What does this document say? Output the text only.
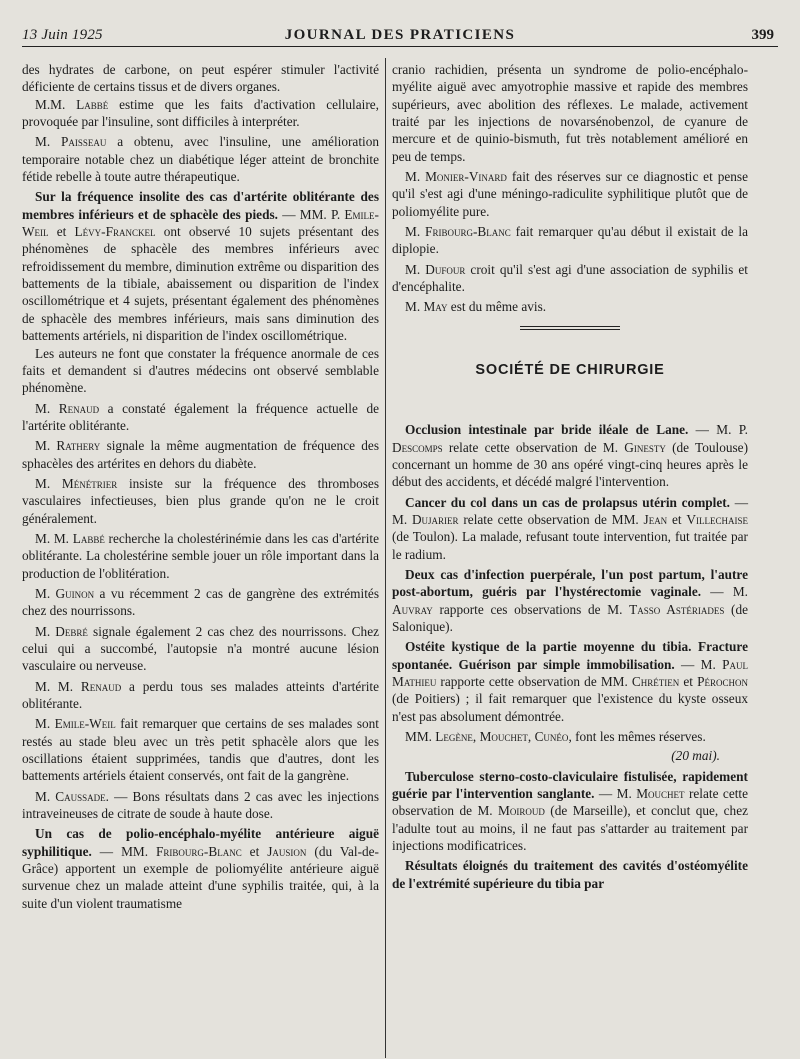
13 Juin 1925	JOURNAL DES PRATICIENS	399

des hydrates de carbone, on peut espérer stimuler l'activité déficiente de certains tissus et de divers organes.

M.M. Labbé estime que les faits d'activation cellulaire, provoquée par l'insuline, sont difficiles à interpréter.

M. Paisseau a obtenu, avec l'insuline, une amélioration temporaire notable chez un diabétique léger atteint de bronchite fétide rebelle à toute autre thérapeutique.

Sur la fréquence insolite des cas d'artérite oblitérante des membres inférieurs et de sphacèle des pieds. — MM. P. Emile-Weil et Lévy-Franckel ont observé 10 sujets présentant des phénomènes de sphacèle des membres inférieurs avec refroidissement du membre, diminution extrême ou disparition des battements de la tibiale, abaissement ou disparition de l'index oscillométrique et 4 sujets, présentant également des phénomènes de sphacèle des membres inférieurs, mais sans diminution des battements artériels, ni disparition de l'index oscillométrique.

Les auteurs ne font que constater la fréquence anormale de ces faits et demandent si d'autres médecins ont observé semblable phénomène.

M. Renaud a constaté également la fréquence actuelle de l'artérite oblitérante.

M. Rathery signale la même augmentation de fréquence des sphacèles des artérites en dehors du diabète.

M. Ménétrier insiste sur la fréquence des thromboses vasculaires infectieuses, bien plus grande qu'on ne le croit généralement.

M. M. Labbé recherche la cholestérinémie dans les cas d'artérite oblitérante. La cholestérine semble jouer un rôle important dans la production de l'oblitération.

M. Guinon a vu récemment 2 cas de gangrène des extrémités chez des nourrissons.

M. Debré signale également 2 cas chez des nourrissons. Chez celui qui a succombé, l'autopsie n'a montré aucune lésion vasculaire ou nerveuse.

M. M. Renaud a perdu tous ses malades atteints d'artérite oblitérante.

M. Emile-Weil fait remarquer que certains de ses malades sont restés au stade bleu avec un très petit sphacèle alors que les oscillations étaient supprimées, tandis que d'autres, dont les battements artériels étaient conservés, ont fait de la gangrène.

M. Caussade. — Bons résultats dans 2 cas avec les injections intraveineuses de citrate de soude à haute dose.

Un cas de polio-encéphalo-myélite antérieure aiguë syphilitique. — MM. Fribourg-Blanc et Jausion (du Val-de-Grâce) apportent un exemple de poliomyélite antérieure aiguë survenue chez un malade atteint d'une syphilis traitée, qui, à la suite d'un violent traumatisme

cranio rachidien, présenta un syndrome de polio-encéphalo-myélite aiguë avec amyotrophie massive et rapide des membres supérieurs, avec abolition des réflexes. Le malade, activement traité par les injections de novarsénobenzol, de cyanure de mercure et de quinio-bismuth, fut très notablement amélioré en peu de temps.

M. Monier-Vinard fait des réserves sur ce diagnostic et pense qu'il s'est agi d'une méningo-radiculite syphilitique plutôt que de poliomyélite pure.

M. Fribourg-Blanc fait remarquer qu'au début il existait de la diplopie.

M. Dufour croit qu'il s'est agi d'une association de syphilis et d'encéphalite.

M. May est du même avis.

SOCIÉTÉ DE CHIRURGIE

Occlusion intestinale par bride iléale de Lane. — M. P. Descomps relate cette observation de M. Ginesty (de Toulouse) concernant un homme de 30 ans opéré vingt-cinq heures après le début des accidents, et décédé malgré l'intervention.

Cancer du col dans un cas de prolapsus utérin complet. — M. Dujarier relate cette observation de MM. Jean et Villechaise (de Toulon). La malade, refusant toute intervention, fut traitée par le radium.

Deux cas d'infection puerpérale, l'un post partum, l'autre post-abortum, guéris par l'hystérectomie vaginale. — M. Auvray rapporte ces observations de M. Tasso Astériades (de Salonique).

Ostéite kystique de la partie moyenne du tibia. Fracture spontanée. Guérison par simple immobilisation. — M. Paul Mathieu rapporte cette observation de MM. Chrétien et Pérochon (de Poitiers) ; il fait remarquer que l'existence du kyste osseux n'est pas absolument démontrée.

MM. Legène, Mouchet, Cunéo, font les mêmes réserves.

(20 mai).

Tuberculose sterno-costo-claviculaire fistulisée, rapidement guérie par l'intervention sanglante. — M. Mouchet relate cette observation de M. Moiroud (de Marseille), et conclut que, chez l'adulte tout au moins, il ne faut pas s'attarder au traitement par injections modificatrices.

Résultats éloignés du traitement des cavités d'ostéomyélite de l'extrémité supérieure du tibia par
